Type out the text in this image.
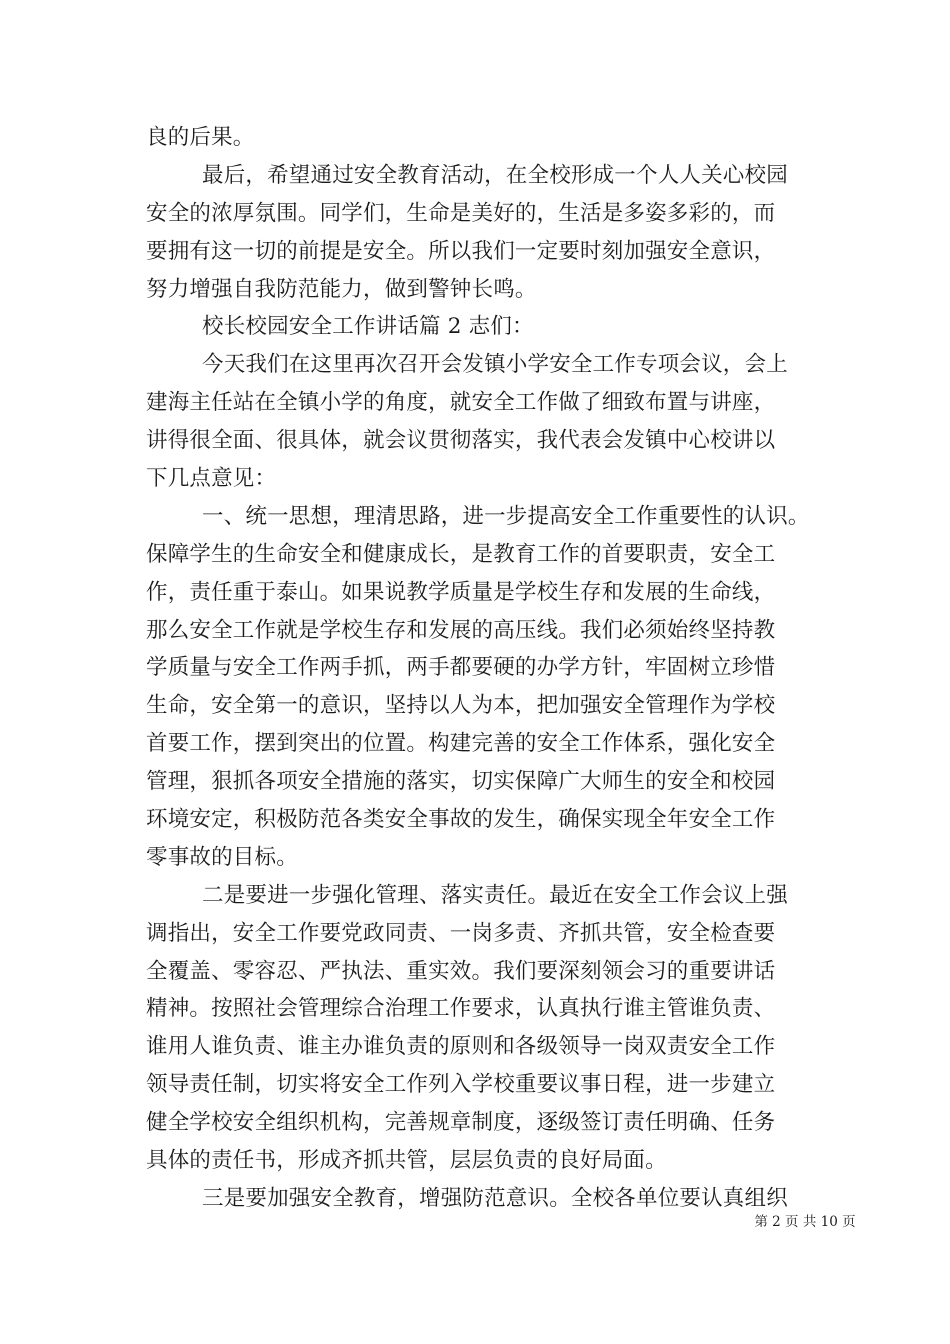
良的后果。
最后，希望通过安全教育活动，在全校形成一个人人关心校园
安全的浓厚氛围。同学们，生命是美好的，生活是多姿多彩的，而
要拥有这一切的前提是安全。所以我们一定要时刻加强安全意识，
努力增强自我防范能力，做到警钟长鸣。
校长校园安全工作讲话篇 2 志们：
今天我们在这里再次召开会发镇小学安全工作专项会议，会上
建海主任站在全镇小学的角度，就安全工作做了细致布置与讲座，
讲得很全面、很具体，就会议贯彻落实，我代表会发镇中心校讲以
下几点意见：
一、统一思想，理清思路，进一步提高安全工作重要性的认识。
保障学生的生命安全和健康成长，是教育工作的首要职责，安全工
作，责任重于泰山。如果说教学质量是学校生存和发展的生命线，
那么安全工作就是学校生存和发展的高压线。我们必须始终坚持教
学质量与安全工作两手抓，两手都要硬的办学方针，牢固树立珍惜
生命，安全第一的意识，坚持以人为本，把加强安全管理作为学校
首要工作，摆到突出的位置。构建完善的安全工作体系，强化安全
管理，狠抓各项安全措施的落实，切实保障广大师生的安全和校园
环境安定，积极防范各类安全事故的发生，确保实现全年安全工作
零事故的目标。
二是要进一步强化管理、落实责任。最近在安全工作会议上强
调指出，安全工作要党政同责、一岗多责、齐抓共管，安全检查要
全覆盖、零容忍、严执法、重实效。我们要深刻领会习的重要讲话
精神。按照社会管理综合治理工作要求，认真执行谁主管谁负责、
谁用人谁负责、谁主办谁负责的原则和各级领导一岗双责安全工作
领导责任制，切实将安全工作列入学校重要议事日程，进一步建立
健全学校安全组织机构，完善规章制度，逐级签订责任明确、任务
具体的责任书，形成齐抓共管，层层负责的良好局面。
三是要加强安全教育，增强防范意识。全校各单位要认真组织
第 2 页 共 10 页
